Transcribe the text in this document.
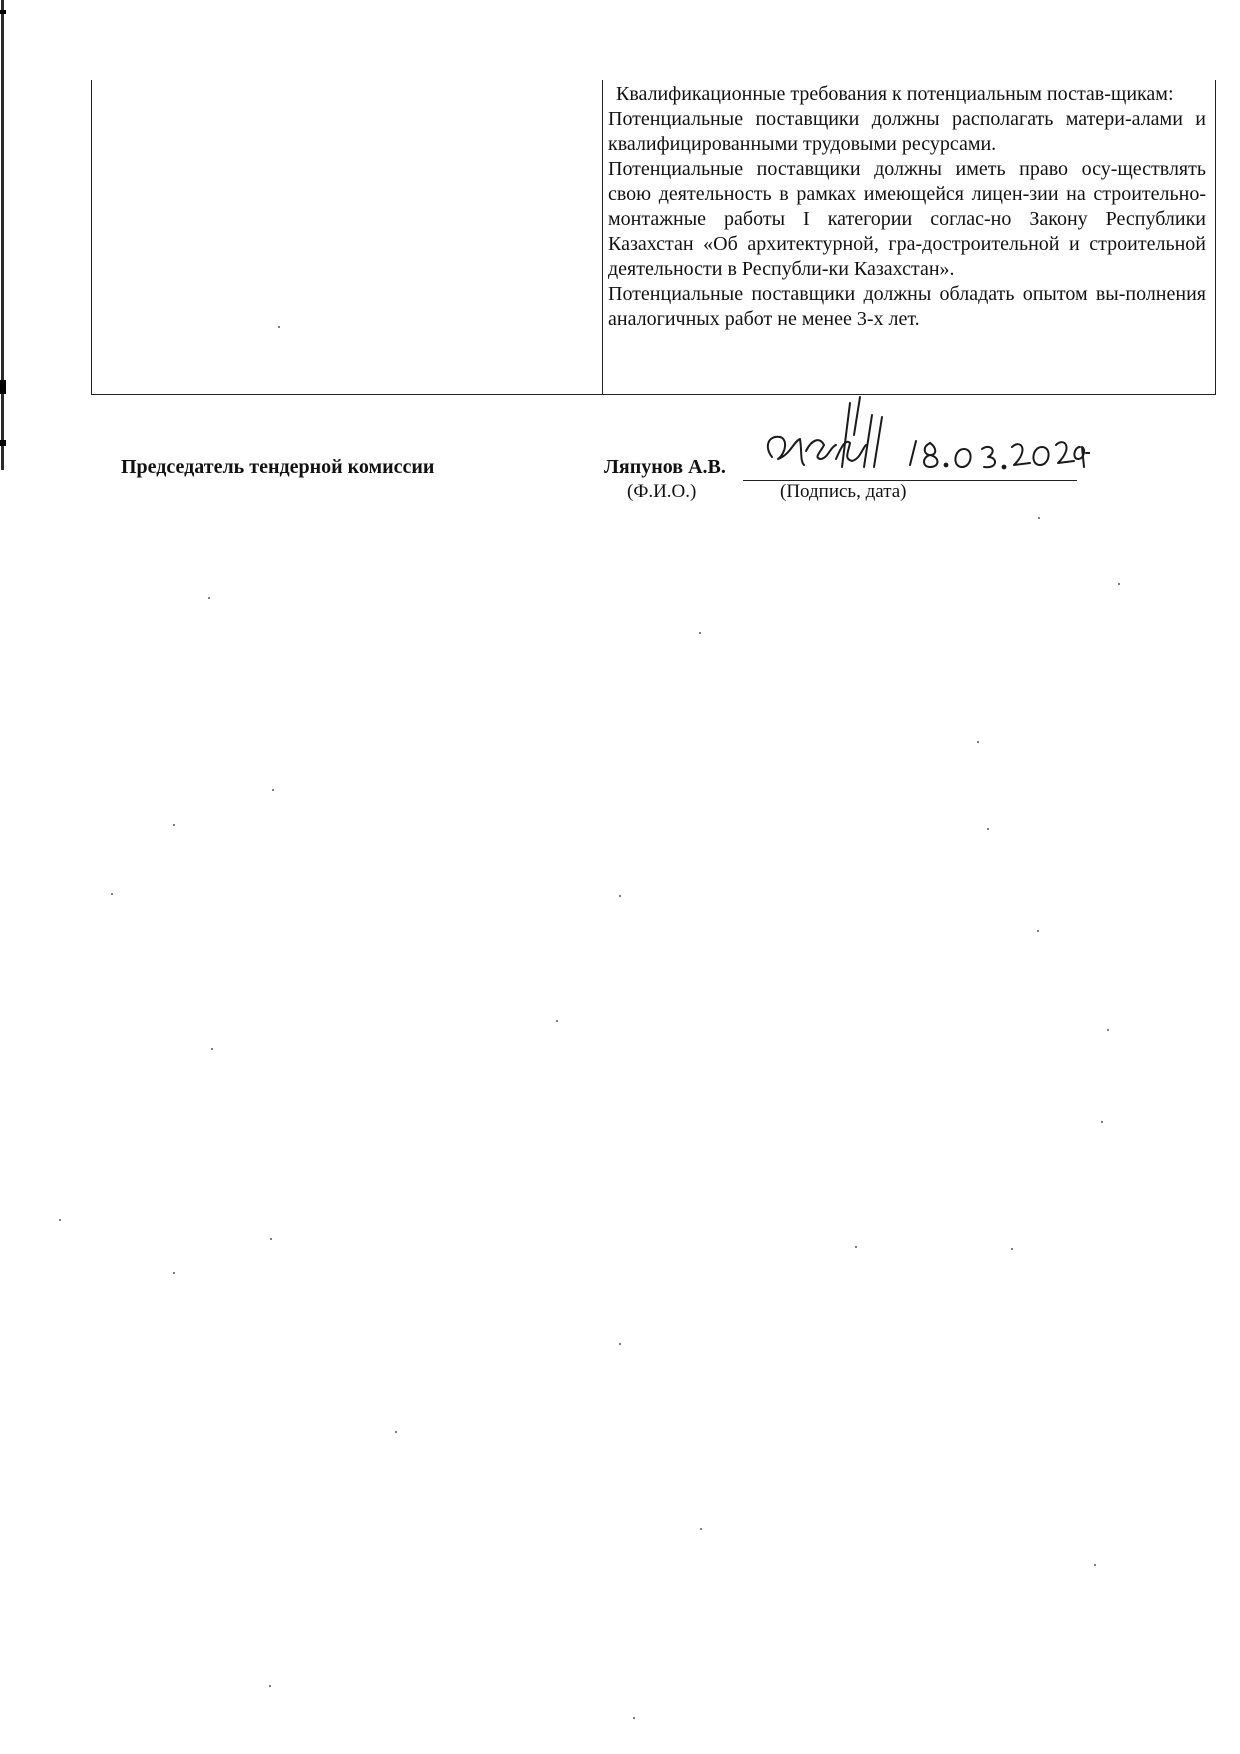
Квалификационные требования к потенциальным постав-щикам:

Потенциальные поставщики должны располагать матери-алами и квалифицированными трудовыми ресурсами.

Потенциальные поставщики должны иметь право осу-ществлять свою деятельность в рамках имеющейся лицен-зии на строительно-монтажные работы I категории соглас-но Закону Республики Казахстан «Об архитектурной, гра-достроительной и строительной деятельности в Республи-ки Казахстан».

Потенциальные поставщики должны обладать опытом вы-полнения аналогичных работ не менее 3-х лет.

Председатель тендерной комиссии	Ляпунов А.В.
(Ф.И.О.)	(Подпись, дата)
